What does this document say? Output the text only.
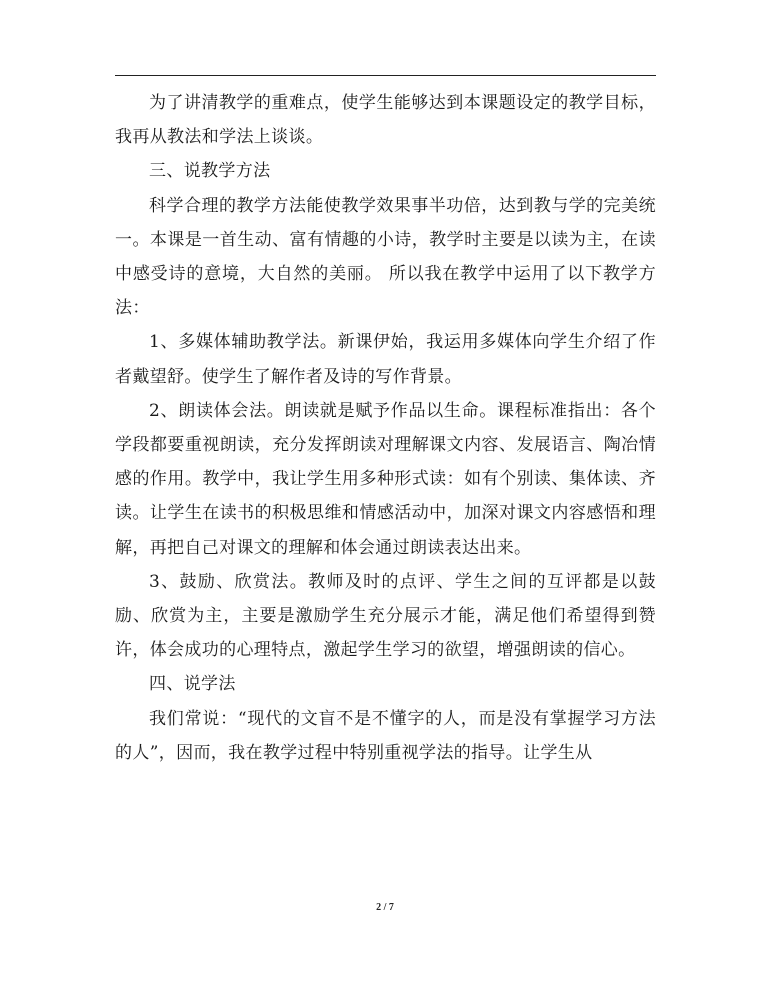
为了讲清教学的重难点，使学生能够达到本课题设定的教学目标，我再从教法和学法上谈谈。

三、说教学方法

科学合理的教学方法能使教学效果事半功倍，达到教与学的完美统一。本课是一首生动、富有情趣的小诗，教学时主要是以读为主，在读中感受诗的意境，大自然的美丽。 所以我在教学中运用了以下教学方法：

1、多媒体辅助教学法。新课伊始，我运用多媒体向学生介绍了作者戴望舒。使学生了解作者及诗的写作背景。

2、朗读体会法。朗读就是赋予作品以生命。课程标准指出：各个学段都要重视朗读，充分发挥朗读对理解课文内容、发展语言、陶冶情感的作用。教学中，我让学生用多种形式读：如有个别读、集体读、齐读。让学生在读书的积极思维和情感活动中，加深对课文内容感悟和理解，再把自己对课文的理解和体会通过朗读表达出来。

3、鼓励、欣赏法。教师及时的点评、学生之间的互评都是以鼓励、欣赏为主，主要是激励学生充分展示才能，满足他们希望得到赞许，体会成功的心理特点，激起学生学习的欲望，增强朗读的信心。

四、说学法

我们常说：“现代的文盲不是不懂字的人，而是没有掌握学习方法的人”，因而，我在教学过程中特别重视学法的指导。让学生从

2 / 7
